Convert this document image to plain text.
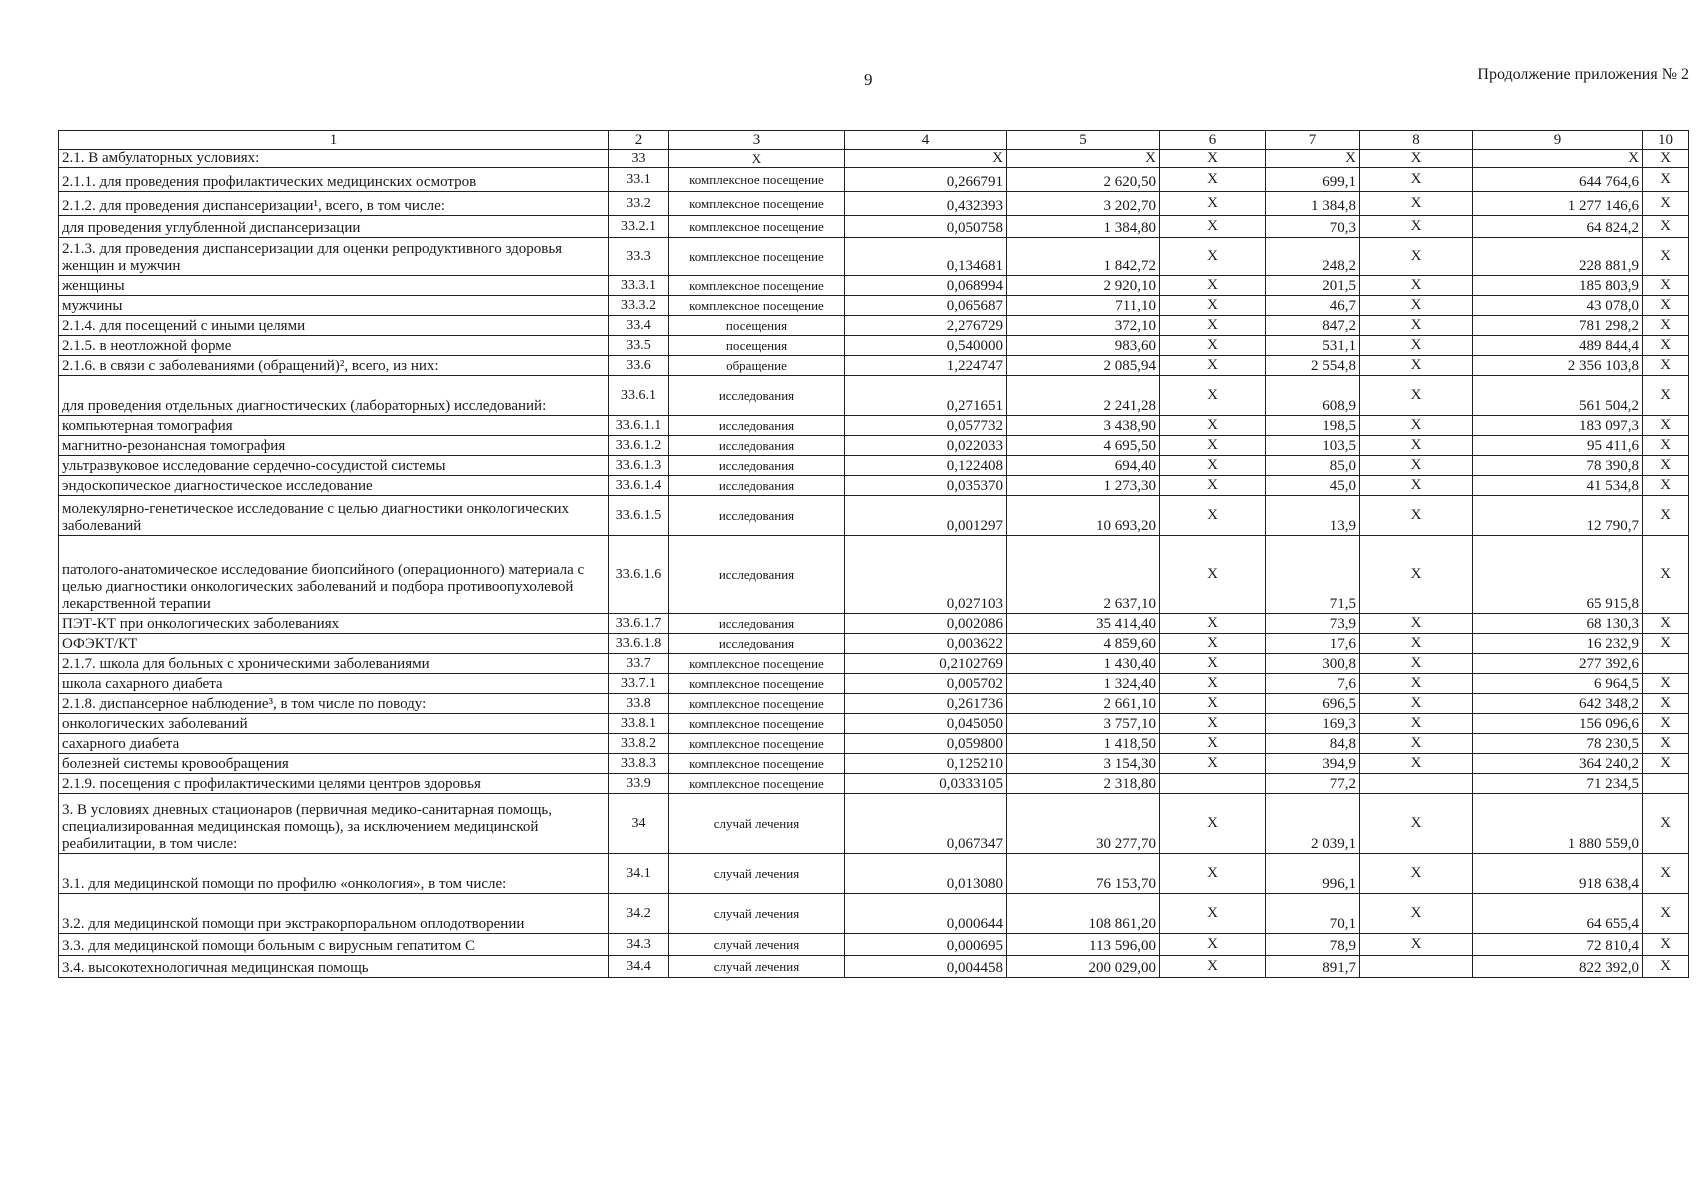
9	Продолжение приложения № 2
1	2	3	4	5	6	7	8	9	10
2.1. В амбулаторных условиях:	33	Х	Х	Х	Х	Х	Х	Х	Х
2.1.1. для проведения профилактических медицинских осмотров	33.1	комплексное посещение	0,266791	2 620,50	Х	699,1	Х	644 764,6	Х
2.1.2. для проведения диспансеризации¹, всего, в том числе:	33.2	комплексное посещение	0,432393	3 202,70	Х	1 384,8	Х	1 277 146,6	Х
для проведения углубленной диспансеризации	33.2.1	комплексное посещение	0,050758	1 384,80	Х	70,3	Х	64 824,2	Х
2.1.3. для проведения диспансеризации для оценки репродуктивного здоровья женщин и мужчин	33.3	комплексное посещение	0,134681	1 842,72	Х	248,2	Х	228 881,9	Х
женщины	33.3.1	комплексное посещение	0,068994	2 920,10	Х	201,5	Х	185 803,9	Х
мужчины	33.3.2	комплексное посещение	0,065687	711,10	Х	46,7	Х	43 078,0	Х
2.1.4. для посещений с иными целями	33.4	посещения	2,276729	372,10	Х	847,2	Х	781 298,2	Х
2.1.5. в неотложной форме	33.5	посещения	0,540000	983,60	Х	531,1	Х	489 844,4	Х
2.1.6. в связи с заболеваниями (обращений)², всего, из них:	33.6	обращение	1,224747	2 085,94	Х	2 554,8	Х	2 356 103,8	Х
для проведения отдельных диагностических (лабораторных) исследований:	33.6.1	исследования	0,271651	2 241,28	Х	608,9	Х	561 504,2	Х
компьютерная томография	33.6.1.1	исследования	0,057732	3 438,90	Х	198,5	Х	183 097,3	Х
магнитно-резонансная томография	33.6.1.2	исследования	0,022033	4 695,50	Х	103,5	Х	95 411,6	Х
ультразвуковое исследование сердечно-сосудистой системы	33.6.1.3	исследования	0,122408	694,40	Х	85,0	Х	78 390,8	Х
эндоскопическое диагностическое исследование	33.6.1.4	исследования	0,035370	1 273,30	Х	45,0	Х	41 534,8	Х
молекулярно-генетическое исследование с целью диагностики онкологических заболеваний	33.6.1.5	исследования	0,001297	10 693,20	Х	13,9	Х	12 790,7	Х
патолого-анатомическое исследование биопсийного (операционного) материала с целью диагностики онкологических заболеваний и подбора противоопухолевой лекарственной терапии	33.6.1.6	исследования	0,027103	2 637,10	Х	71,5	Х	65 915,8	Х
ПЭТ-КТ при онкологических заболеваниях	33.6.1.7	исследования	0,002086	35 414,40	Х	73,9	Х	68 130,3	Х
ОФЭКТ/КТ	33.6.1.8	исследования	0,003622	4 859,60	Х	17,6	Х	16 232,9	Х
2.1.7. школа для больных с хроническими заболеваниями	33.7	комплексное посещение	0,2102769	1 430,40	Х	300,8	Х	277 392,6	
школа сахарного диабета	33.7.1	комплексное посещение	0,005702	1 324,40	Х	7,6	Х	6 964,5	Х
2.1.8. диспансерное наблюдение³, в том числе по поводу:	33.8	комплексное посещение	0,261736	2 661,10	Х	696,5	Х	642 348,2	Х
онкологических заболеваний	33.8.1	комплексное посещение	0,045050	3 757,10	Х	169,3	Х	156 096,6	Х
сахарного диабета	33.8.2	комплексное посещение	0,059800	1 418,50	Х	84,8	Х	78 230,5	Х
болезней системы кровообращения	33.8.3	комплексное посещение	0,125210	3 154,30	Х	394,9	Х	364 240,2	Х
2.1.9. посещения с профилактическими целями центров здоровья	33.9	комплексное посещение	0,0333105	2 318,80		77,2		71 234,5	
3. В условиях дневных стационаров (первичная медико-санитарная помощь, специализированная медицинская помощь), за исключением медицинской реабилитации, в том числе:	34	случай лечения	0,067347	30 277,70	Х	2 039,1	Х	1 880 559,0	Х
3.1. для медицинской помощи по профилю «онкология», в том числе:	34.1	случай лечения	0,013080	76 153,70	Х	996,1	Х	918 638,4	Х
3.2. для медицинской помощи при экстракорпоральном оплодотворении	34.2	случай лечения	0,000644	108 861,20	Х	70,1	Х	64 655,4	Х
3.3. для медицинской помощи больным с вирусным гепатитом С	34.3	случай лечения	0,000695	113 596,00	Х	78,9	Х	72 810,4	Х
3.4. высокотехнологичная медицинская помощь	34.4	случай лечения	0,004458	200 029,00	Х	891,7		822 392,0	Х
